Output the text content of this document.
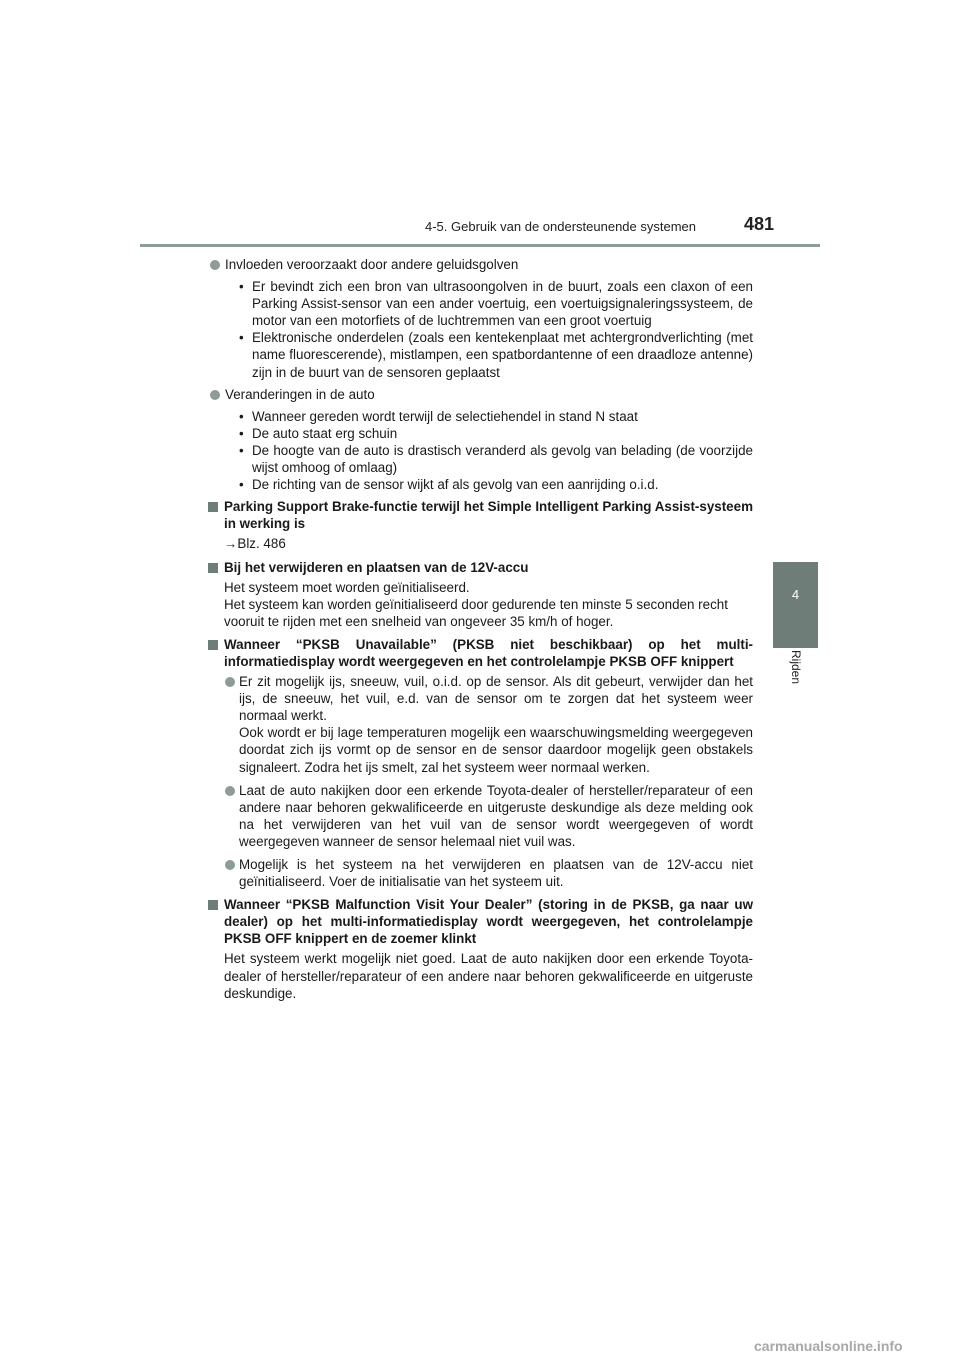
4-5. Gebruik van de ondersteunende systemen	481
4
Rijden
Invloeden veroorzaakt door andere geluidsgolven
• Er bevindt zich een bron van ultrasoongolven in de buurt, zoals een claxon of een Parking Assist-sensor van een ander voertuig, een voertuigsignaleringssysteem, de motor van een motorfiets of de luchtremmen van een groot voertuig
• Elektronische onderdelen (zoals een kentekenplaat met achtergrondverlichting (met name fluorescerende), mistlampen, een spatbordantenne of een draadloze antenne) zijn in de buurt van de sensoren geplaatst
Veranderingen in de auto
• Wanneer gereden wordt terwijl de selectiehendel in stand N staat
• De auto staat erg schuin
• De hoogte van de auto is drastisch veranderd als gevolg van belading (de voorzijde wijst omhoog of omlaag)
• De richting van de sensor wijkt af als gevolg van een aanrijding o.i.d.
Parking Support Brake-functie terwijl het Simple Intelligent Parking Assist-systeem in werking is
→Blz. 486
Bij het verwijderen en plaatsen van de 12V-accu
Het systeem moet worden geïnitialiseerd.
Het systeem kan worden geïnitialiseerd door gedurende ten minste 5 seconden recht vooruit te rijden met een snelheid van ongeveer 35 km/h of hoger.
Wanneer “PKSB Unavailable” (PKSB niet beschikbaar) op het multi-informatiedisplay wordt weergegeven en het controlelampje PKSB OFF knippert
Er zit mogelijk ijs, sneeuw, vuil, o.i.d. op de sensor. Als dit gebeurt, verwijder dan het ijs, de sneeuw, het vuil, e.d. van de sensor om te zorgen dat het systeem weer normaal werkt.
Ook wordt er bij lage temperaturen mogelijk een waarschuwingsmelding weergegeven doordat zich ijs vormt op de sensor en de sensor daardoor mogelijk geen obstakels signaleert. Zodra het ijs smelt, zal het systeem weer normaal werken.
Laat de auto nakijken door een erkende Toyota-dealer of hersteller/reparateur of een andere naar behoren gekwalificeerde en uitgeruste deskundige als deze melding ook na het verwijderen van het vuil van de sensor wordt weergegeven of wordt weergegeven wanneer de sensor helemaal niet vuil was.
Mogelijk is het systeem na het verwijderen en plaatsen van de 12V-accu niet geïnitialiseerd. Voer de initialisatie van het systeem uit.
Wanneer “PKSB Malfunction Visit Your Dealer” (storing in de PKSB, ga naar uw dealer) op het multi-informatiedisplay wordt weergegeven, het controlelampje PKSB OFF knippert en de zoemer klinkt
Het systeem werkt mogelijk niet goed. Laat de auto nakijken door een erkende Toyota-dealer of hersteller/reparateur of een andere naar behoren gekwalificeerde en uitgeruste deskundige.
carmanualsonline.info
